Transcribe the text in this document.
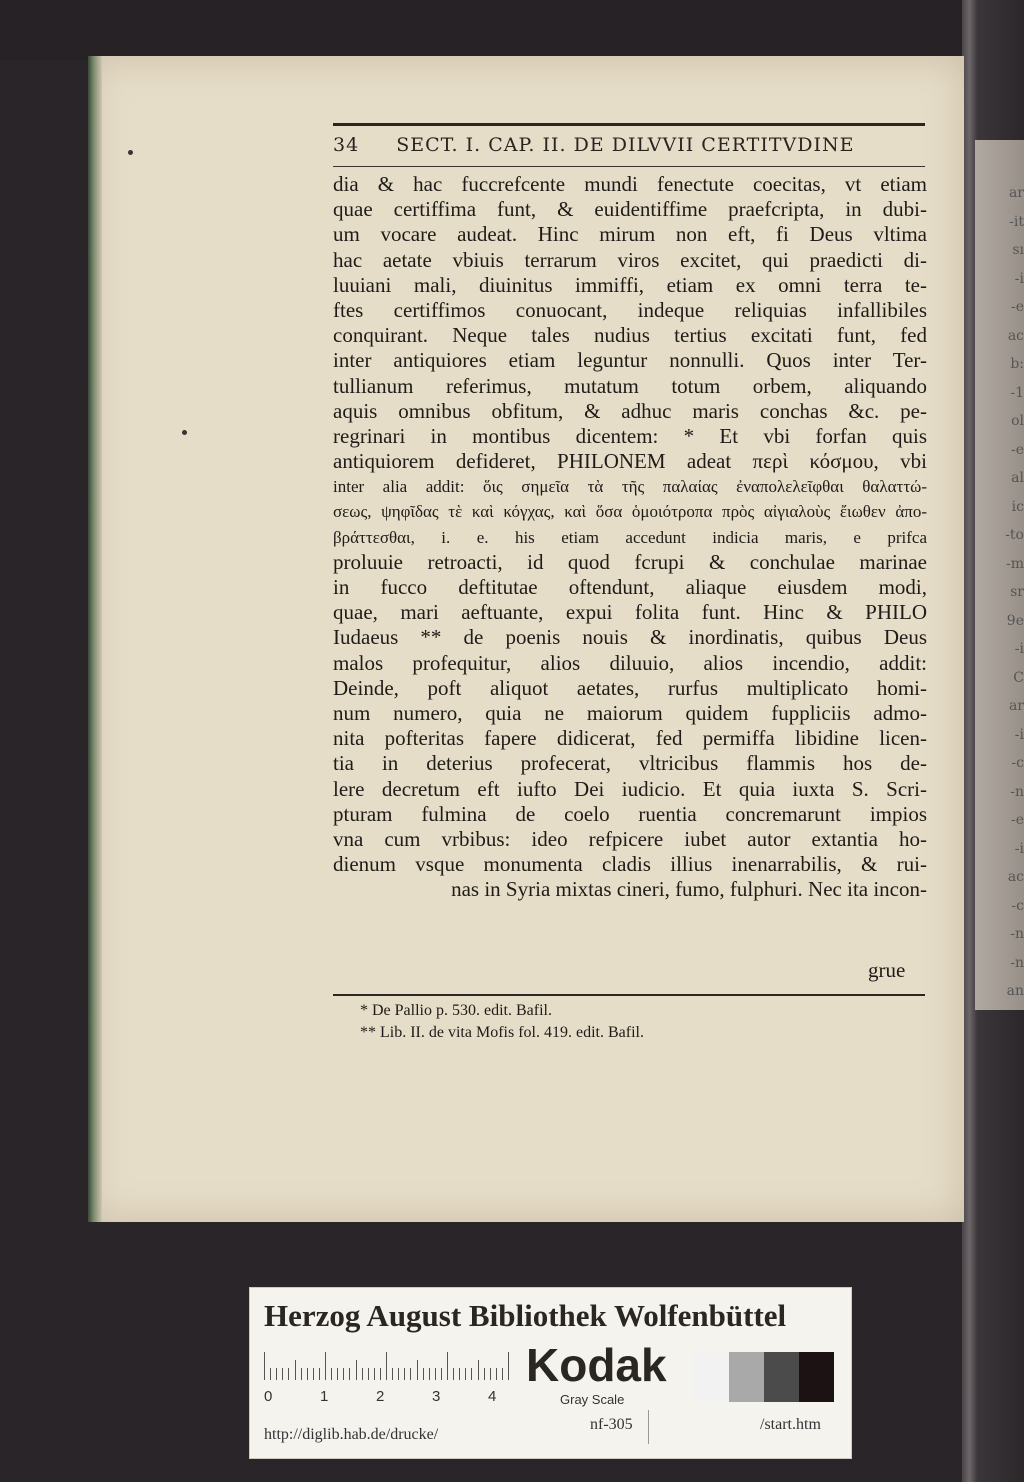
ar
-it
sı
-i
-e
ac
b:
-1
ol
-e
al
ic
-to
-m
sr
9e
-i
C
ar
-i
-c
-n
-e
-i
ac
-c
-n
-n
an
34 SECT. I. CAP. II. DE DILVVII CERTITVDINE
dia & hac fuccrefcente mundi fenectute coecitas, vt etiam
quae certiffima funt, & euidentiffime praefcripta, in dubi-
um vocare audeat. Hinc mirum non eft, fi Deus vltima
hac aetate vbiuis terrarum viros excitet, qui praedicti di-
luuiani mali, diuinitus immiffi, etiam ex omni terra te-
ftes certiffimos conuocant, indeque reliquias infallibiles
conquirant. Neque tales nudius tertius excitati funt, fed
inter antiquiores etiam leguntur nonnulli. Quos inter Ter-
tullianum referimus, mutatum totum orbem, aliquando
aquis omnibus obfitum, & adhuc maris conchas &c. pe-
regrinari in montibus dicentem: * Et vbi forfan quis
antiquiorem defideret, PHILONEM adeat περὶ κόσμου, vbi
inter alia addit: ὅις σημεῖα τὰ τῆς παλαίας ἐναπολελεῖφθαι θαλαττώ-
σεως, ψηφῖδας τὲ καὶ κόγχας, καὶ ὅσα ὁμοιότροπα πρὸς αἰγιαλοὺς ἔιωθεν ἀπο-
βράττεσθαι, i. e. his etiam accedunt indicia maris, e prifca
proluuie retroacti, id quod fcrupi & conchulae marinae
in fucco deftitutae oftendunt, aliaque eiusdem modi,
quae, mari aeftuante, expui folita funt. Hinc & PHILO
Iudaeus ** de poenis nouis & inordinatis, quibus Deus
malos profequitur, alios diluuio, alios incendio, addit:
Deinde, poft aliquot aetates, rurfus multiplicato homi-
num numero, quia ne maiorum quidem fuppliciis admo-
nita pofteritas fapere didicerat, fed permiffa libidine licen-
tia in deterius profecerat, vltricibus flammis hos de-
lere decretum eft iufto Dei iudicio. Et quia iuxta S. Scri-
pturam fulmina de coelo ruentia concremarunt impios
vna cum vrbibus: ideo refpicere iubet autor extantia ho-
dienum vsque monumenta cladis illius inenarrabilis, & rui-
nas in Syria mixtas cineri, fumo, fulphuri. Nec ita incon-
grue
* De Pallio p. 530. edit. Bafil.
** Lib. II. de vita Mofis fol. 419. edit. Bafil.
Herzog August Bibliothek Wolfenbüttel
0	1	2	3	4
Kodak
Gray Scale
http://diglib.hab.de/drucke/
nf-305	/start.htm
